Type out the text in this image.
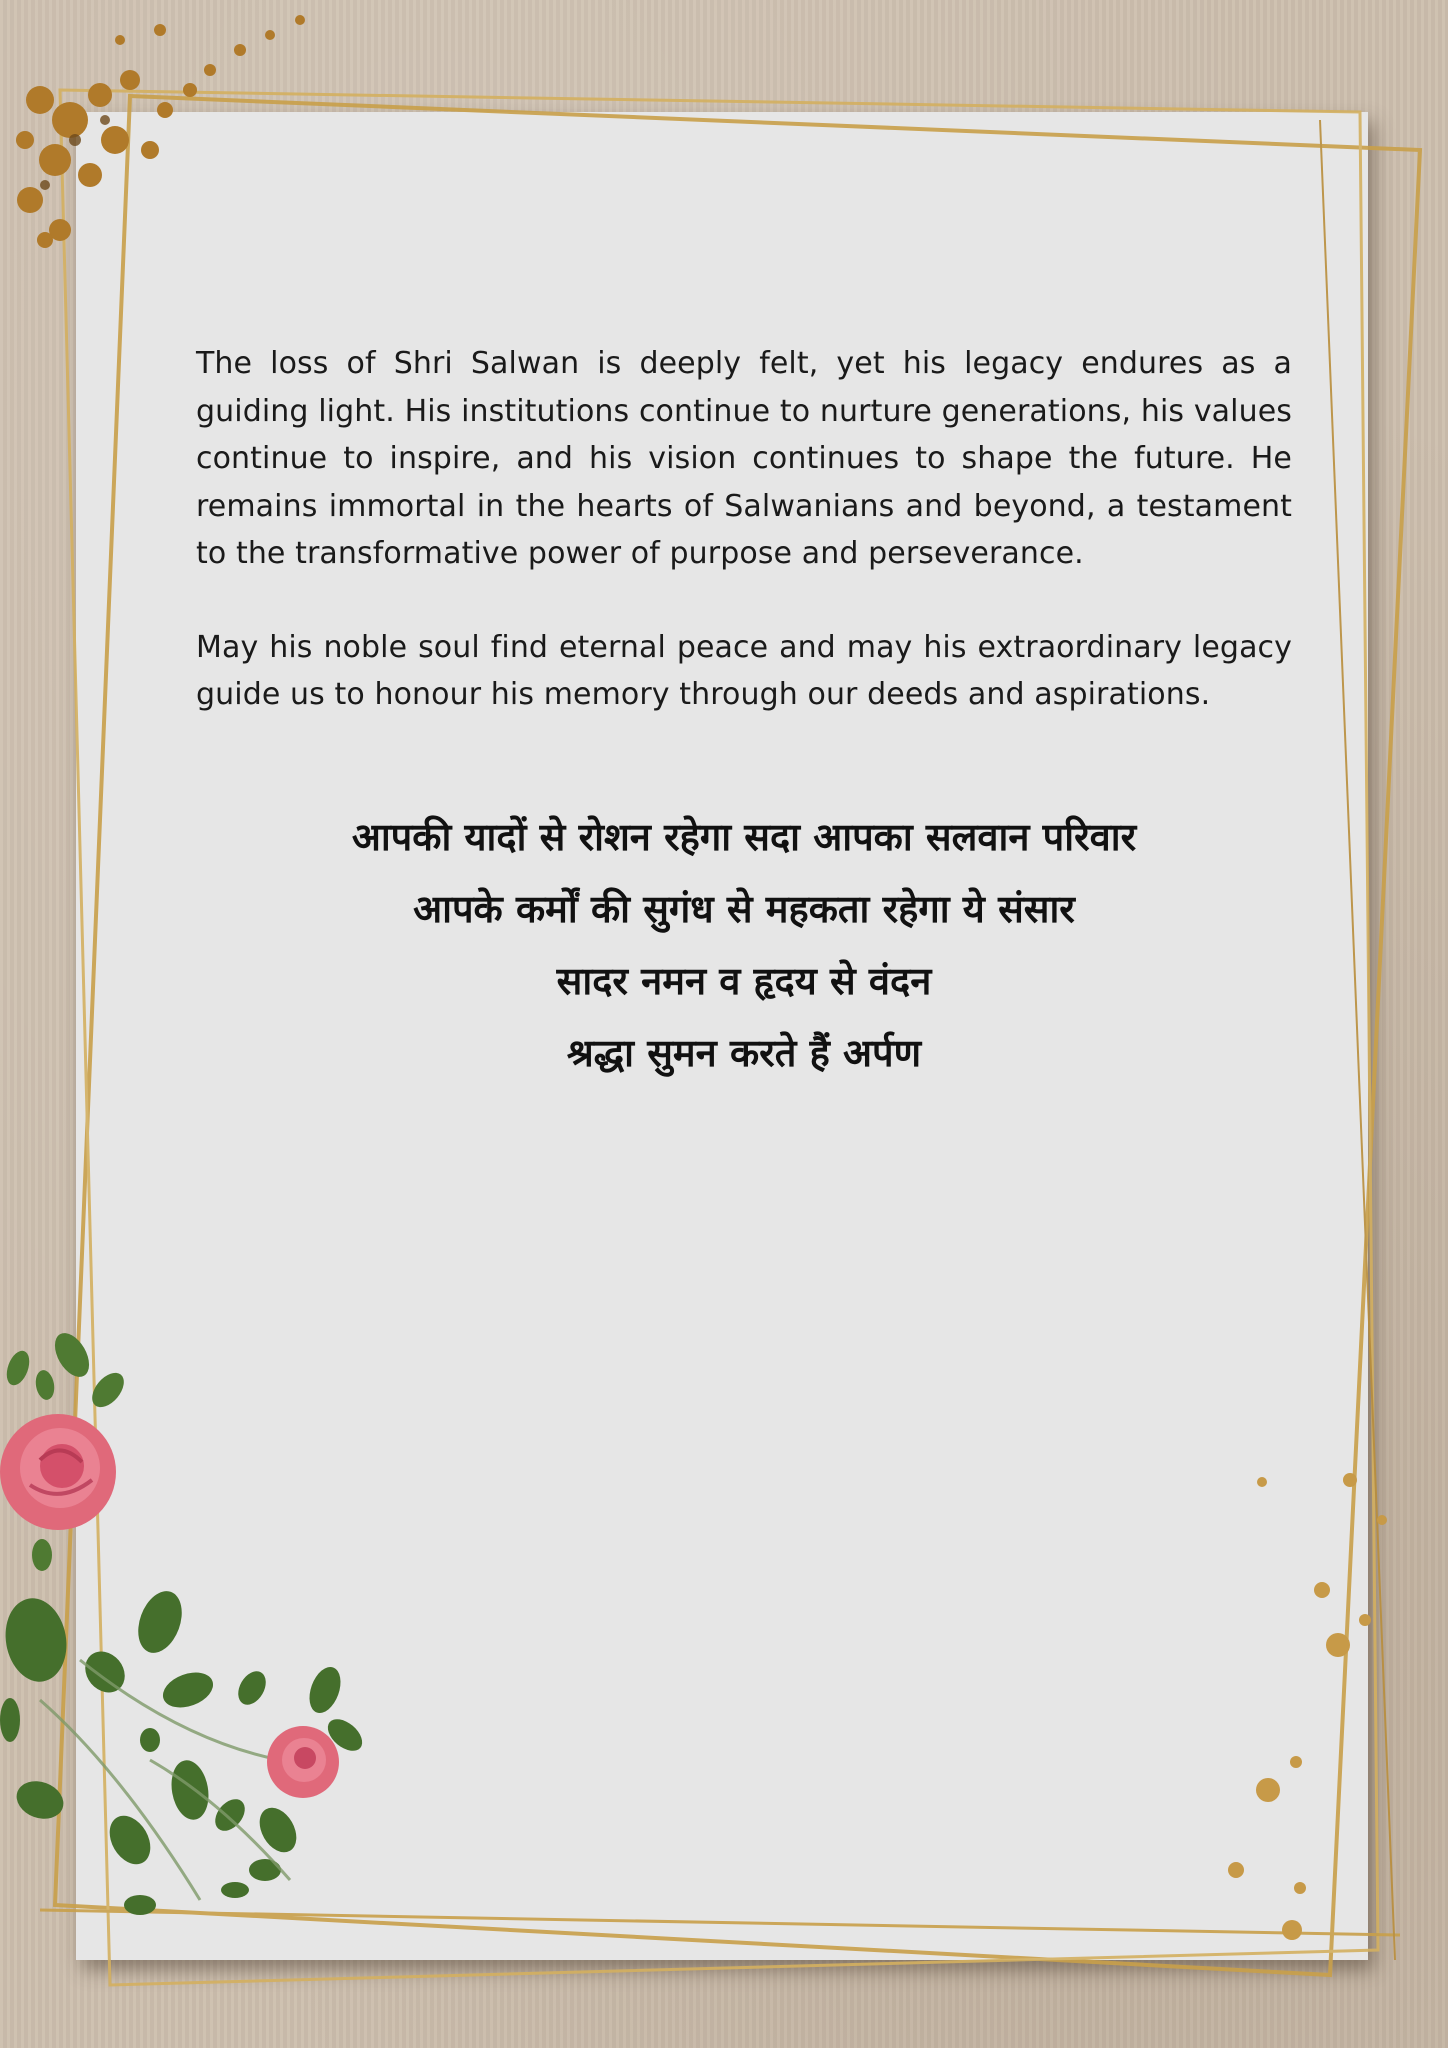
The loss of Shri Salwan is deeply felt, yet his legacy endures as a guiding light. His institutions continue to nurture generations, his values continue to inspire, and his vision continues to shape the future. He remains immortal in the hearts of Salwanians and beyond, a testament to the transformative power of purpose and perseverance.

May his noble soul find eternal peace and may his extraordinary legacy guide us to honour his memory through our deeds and aspirations.

आपकी यादों से रोशन रहेगा सदा आपका सलवान परिवार
आपके कर्मों की सुगंध से महकता रहेगा ये संसार
सादर नमन व हृदय से वंदन
श्रद्धा सुमन करते हैं अर्पण
